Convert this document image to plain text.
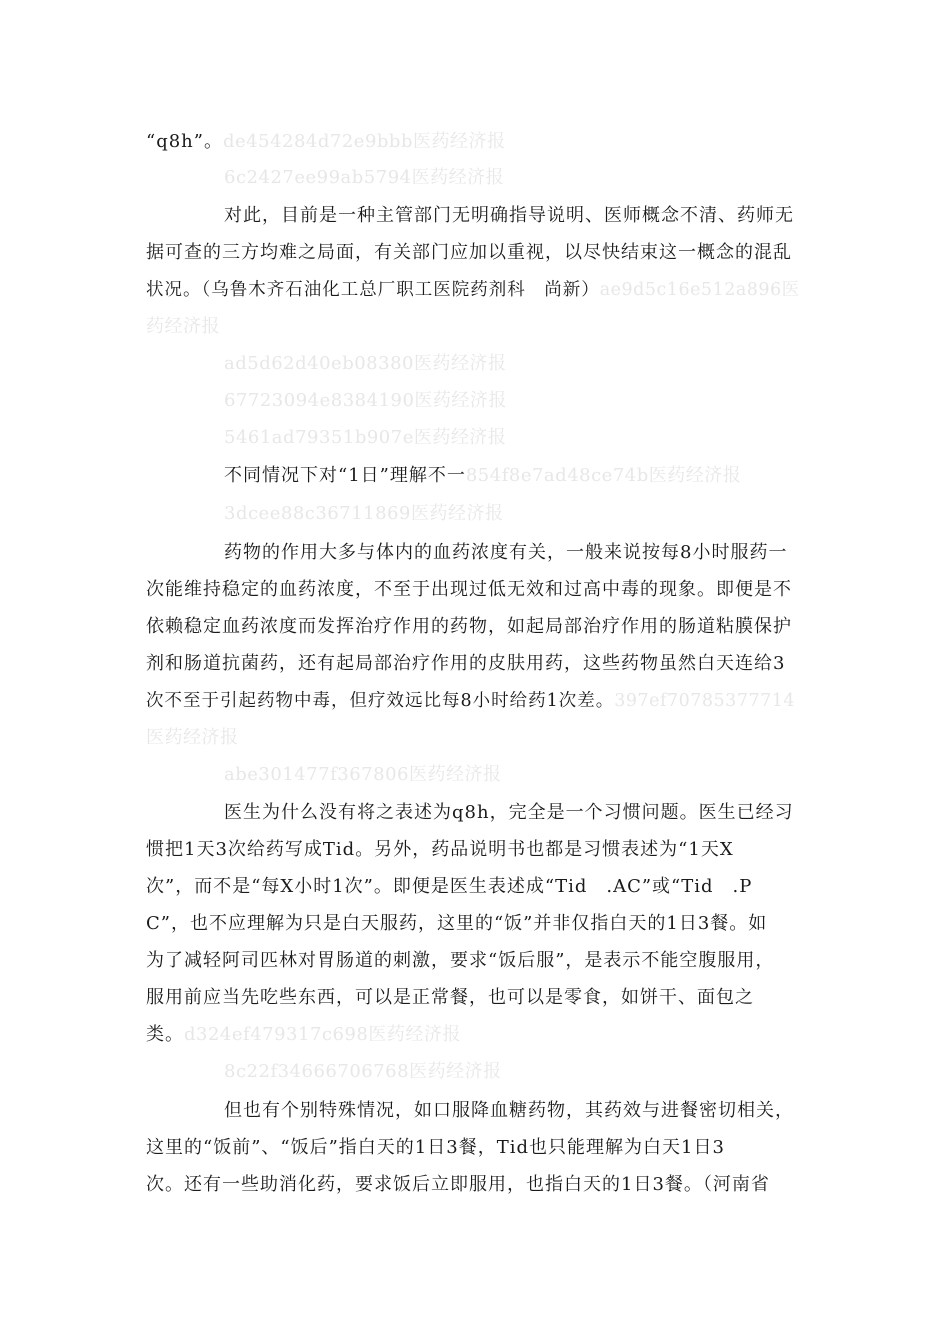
“q8h”。de454284d72e9bbb医药经济报
6c2427ee99ab5794医药经济报
对此，目前是一种主管部门无明确指导说明、医师概念不清、药师无
据可查的三方均难之局面，有关部门应加以重视，以尽快结束这一概念的混乱
状况。（乌鲁木齐石油化工总厂职工医院药剂科　尚新）ae9d5c16e512a896医
药经济报
ad5d62d40eb08380医药经济报
67723094e8384190医药经济报
5461ad79351b907e医药经济报
不同情况下对“1日”理解不一854f8e7ad48ce74b医药经济报
3dcee88c36711869医药经济报
药物的作用大多与体内的血药浓度有关，一般来说按每8小时服药一
次能维持稳定的血药浓度，不至于出现过低无效和过高中毒的现象。即便是不
依赖稳定血药浓度而发挥治疗作用的药物，如起局部治疗作用的肠道粘膜保护
剂和肠道抗菌药，还有起局部治疗作用的皮肤用药，这些药物虽然白天连给3
次不至于引起药物中毒，但疗效远比每8小时给药1次差。397ef70785377714
医药经济报
abe301477f367806医药经济报
医生为什么没有将之表述为q8h，完全是一个习惯问题。医生已经习
惯把1天3次给药写成Tid。另外，药品说明书也都是习惯表述为“1天X
次”，而不是“每X小时1次”。即便是医生表述成“Tid　.AC”或“Tid　.P
C”，也不应理解为只是白天服药，这里的“饭”并非仅指白天的1日3餐。如
为了减轻阿司匹林对胃肠道的刺激，要求“饭后服”，是表示不能空腹服用，
服用前应当先吃些东西，可以是正常餐，也可以是零食，如饼干、面包之
类。d324ef479317c698医药经济报
8c22f34666706768医药经济报
但也有个别特殊情况，如口服降血糖药物，其药效与进餐密切相关，
这里的“饭前”、“饭后”指白天的1日3餐，Tid也只能理解为白天1日3
次。还有一些助消化药，要求饭后立即服用，也指白天的1日3餐。（河南省
